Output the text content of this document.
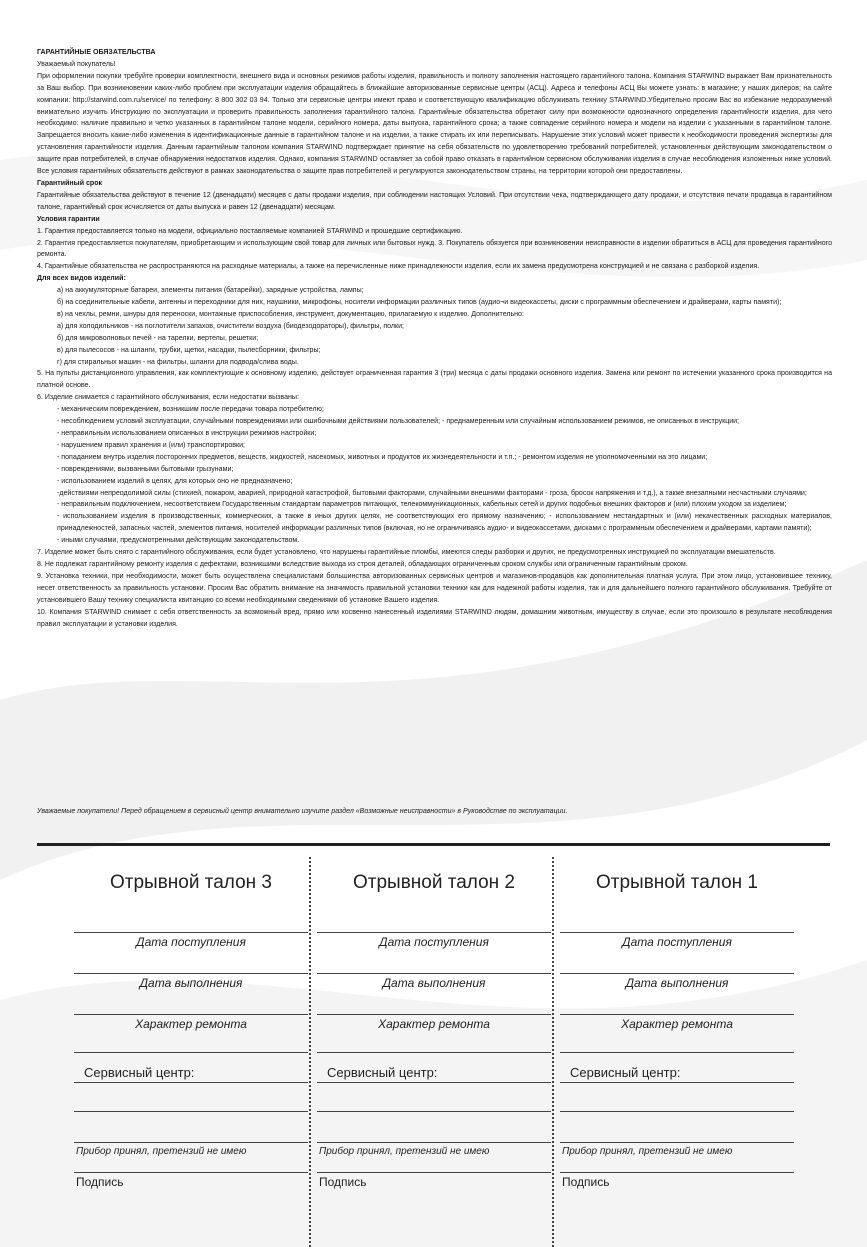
ГАРАНТИЙНЫЕ ОБЯЗАТЕЛЬСТВА

Уважаемый покупатель!

При оформлении покупки требуйте проверки комплектности, внешнего вида и основных режимов работы изделия, правильность и полноту заполнения настоящего гарантийного талона. Компания STARWIND выражает Вам признательность за Ваш выбор. При возникновении каких-либо проблем при эксплуатации изделия обращайтесь в ближайшие авторизованные сервисные центры (АСЦ). Адреса и телефоны АСЦ Вы можете узнать: в магазине; у наших дилеров; на сайте компании: http://starwind.com.ru/service/ по телефону: 8 800 302 03 94. Только эти сервисные центры имеют право и соответствующую квалификацию обслуживать технику STARWIND.Убедительно просим Вас во избежание недоразумений внимательно изучить Инструкцию по эксплуатации и проверить правильность заполнения гарантийного талона. Гарантийные обязательства обретают силу при возможности однозначного определения гарантийности изделия, для чего необходимо: наличие правильно и четко указанных в гарантийном талоне модели, серийного номера, даты выпуска, гарантийного срока; а также совпадение серийного номера и модели на изделии с указанными в гарантийном талоне. Запрещается вносить какие-либо изменения в идентификационные данные в гарантийном талоне и на изделии, а также стирать их или переписывать. Нарушение этих условий может привести к необходимости проведения экспертизы для установления гарантийности изделия. Данным гарантийным талоном компания STARWIND подтверждает принятие на себя обязательств по удовлетворению требований потребителей, установленных действующим законодательством о защите прав потребителей, в случае обнаружения недостатков изделия. Однако, компания STARWIND оставляет за собой право отказать в гарантийном сервисном обслуживании изделия в случае несоблюдения изложенных ниже условий. Все условия гарантийных обязательств действуют в рамках законодательства о защите прав потребителей и регулируются законодательством страны, на территории которой они предоставлены.

Гарантийный срок

Гарантийные обязательства действуют в течение 12 (двенадцати) месяцев с даты продажи изделия, при соблюдении настоящих Условий. При отсутствии чека, подтверждающего дату продажи, и отсутствия печати продавца в гарантийном талоне, гарантийный срок исчисляется от даты выпуска и равен 12 (двенадцати) месяцам.

Условия гарантии

1. Гарантия предоставляется только на модели, официально поставляемые компанией STARWIND и прошедшие сертификацию.

2. Гарантия предоставляется покупателям, приобретающим и использующим свой товар для личных или бытовых нужд. 3. Покупатель обязуется при возникновении неисправности в изделии обратиться в АСЦ для проведения гарантийного ремонта.

4. Гарантийные обязательства не распространяются на расходные материалы, а также на перечисленные ниже принадлежности изделия, если их замена предусмотрена конструкцией и не связана с разборкой изделия.

Для всех видов изделий:

а) на аккумуляторные батареи, элементы питания (батарейки), зарядные устройства, лампы;

б) на соединительные кабели, антенны и переходники для них, наушники, микрофоны, носители информации различных типов (аудио¬и видеокассеты, диски с программным обеспечением и драйверами, карты памяти);

в) на чехлы, ремни, шнуры для переноски, монтажные приспособления, инструмент, документацию, прилагаемую к изделию. Дополнительно:

а) для холодильников - на поглотители запахов, очистители воздуха (биодезодораторы), фильтры, полки;

б) для микроволновых печей - на тарелки, вертелы, решетки;

в) для пылесосов - на шланги, трубки, щетки, насадки, пылесборники, фильтры;

г) для стиральных машин - на фильтры, шланги для подвода/слива воды.

5. На пульты дистанционного управления, как комплектующие к основному изделию, действует ограниченная гарантия 3 (три) месяца с даты продажи основного изделия. Замена или ремонт по истечении указанного срока производится на платной основе.

6. Изделие снимается с гарантийного обслуживания, если недостатки вызваны:

- механическим повреждением, возникшим после передачи товара потребителю;

- несоблюдением условий эксплуатации, случайными повреждениями или ошибочными действиями пользователей; - преднамеренным или случайным использованием режимов, не описанных в инструкции;

- неправильным использованием описанных в инструкции режимов настройки;

- нарушением правил хранения и (или) транспортировки;

- попаданием внутрь изделия посторонних предметов, веществ, жидкостей, насекомых, животных и продуктов их жизнедеятельности и т.п.; - ремонтом изделия не уполномоченными на это лицами;

- повреждениями, вызванными бытовыми грызунами;

- использованием изделий в целях, для которых оно не предназначено;

-действиями непреодолимой силы (стихией, пожаром, аварией, природной катастрофой, бытовыми факторами, случайными внешними факторами - гроза, бросок напряжения и т.д.), а также внезапными несчастными случаями;

- неправильным подключением, несоответствием Государственным стандартам параметров питающих, телекоммуникационных, кабельных сетей и других подобных внешних факторов и (или) плохим уходом за изделием;

- использованием изделия в производственных, коммерческих, а также в иных других целях, не соответствующих его прямому назначению; - использованием нестандартных и (или) некачественных расходных материалов, принадлежностей, запасных частей, элементов питания, носителей информации различных типов (включая, но не ограничиваясь аудио- и видеокассетами, дисками с программным обеспечением и драйверами, картами памяти);

- иными случаями, предусмотренными действующим законодательством.

7. Изделие может быть снято с гарантийного обслуживания, если будет установлено, что нарушены гарантийные пломбы, имеются следы разборки и других, не предусмотренных инструкцией по эксплуатации вмешательств.

8. Не подлежат гарантийному ремонту изделия с дефектами, возникшими вследствие выхода из строя деталей, обладающих ограниченным сроком службы или ограниченным гарантийным сроком.

9. Установка техники, при необходимости, может быть осуществлена специалистами большинства авторизованных сервисных центров и магазинов-продавцов как дополнительная платная услуга. При этом лицо, установившее технику, несет ответственность за правильность установки. Просим Вас обратить внимание на значимость правильной установки техники как для надежной работы изделия, так и для дальнейшего полного гарантийного обслуживания. Требуйте от установившего Вашу технику специалиста квитанцию со всеми необходимыми сведениями об установке Вашего изделия.

10. Компания STARWIND снимает с себя ответственность за возможный вред, прямо или косвенно нанесенный изделиями STARWIND людям, домашним животным, имуществу в случае, если это произошло в результате несоблюдения правил эксплуатации и установки изделия.

Уважаемые покупатели! Перед обращением в сервисный центр внимательно изучите раздел «Возможные неисправности» в Руководстве по эксплуатации.
Отрывной талон 3
Дата поступления
Дата выполнения
Характер ремонта
Сервисный центр:
Прибор принял, претензий не имею
Подпись
Отрывной талон 2
Дата поступления
Дата выполнения
Характер ремонта
Сервисный центр:
Прибор принял, претензий не имею
Подпись
Отрывной талон 1
Дата поступления
Дата выполнения
Характер ремонта
Сервисный центр:
Прибор принял, претензий не имею
Подпись
